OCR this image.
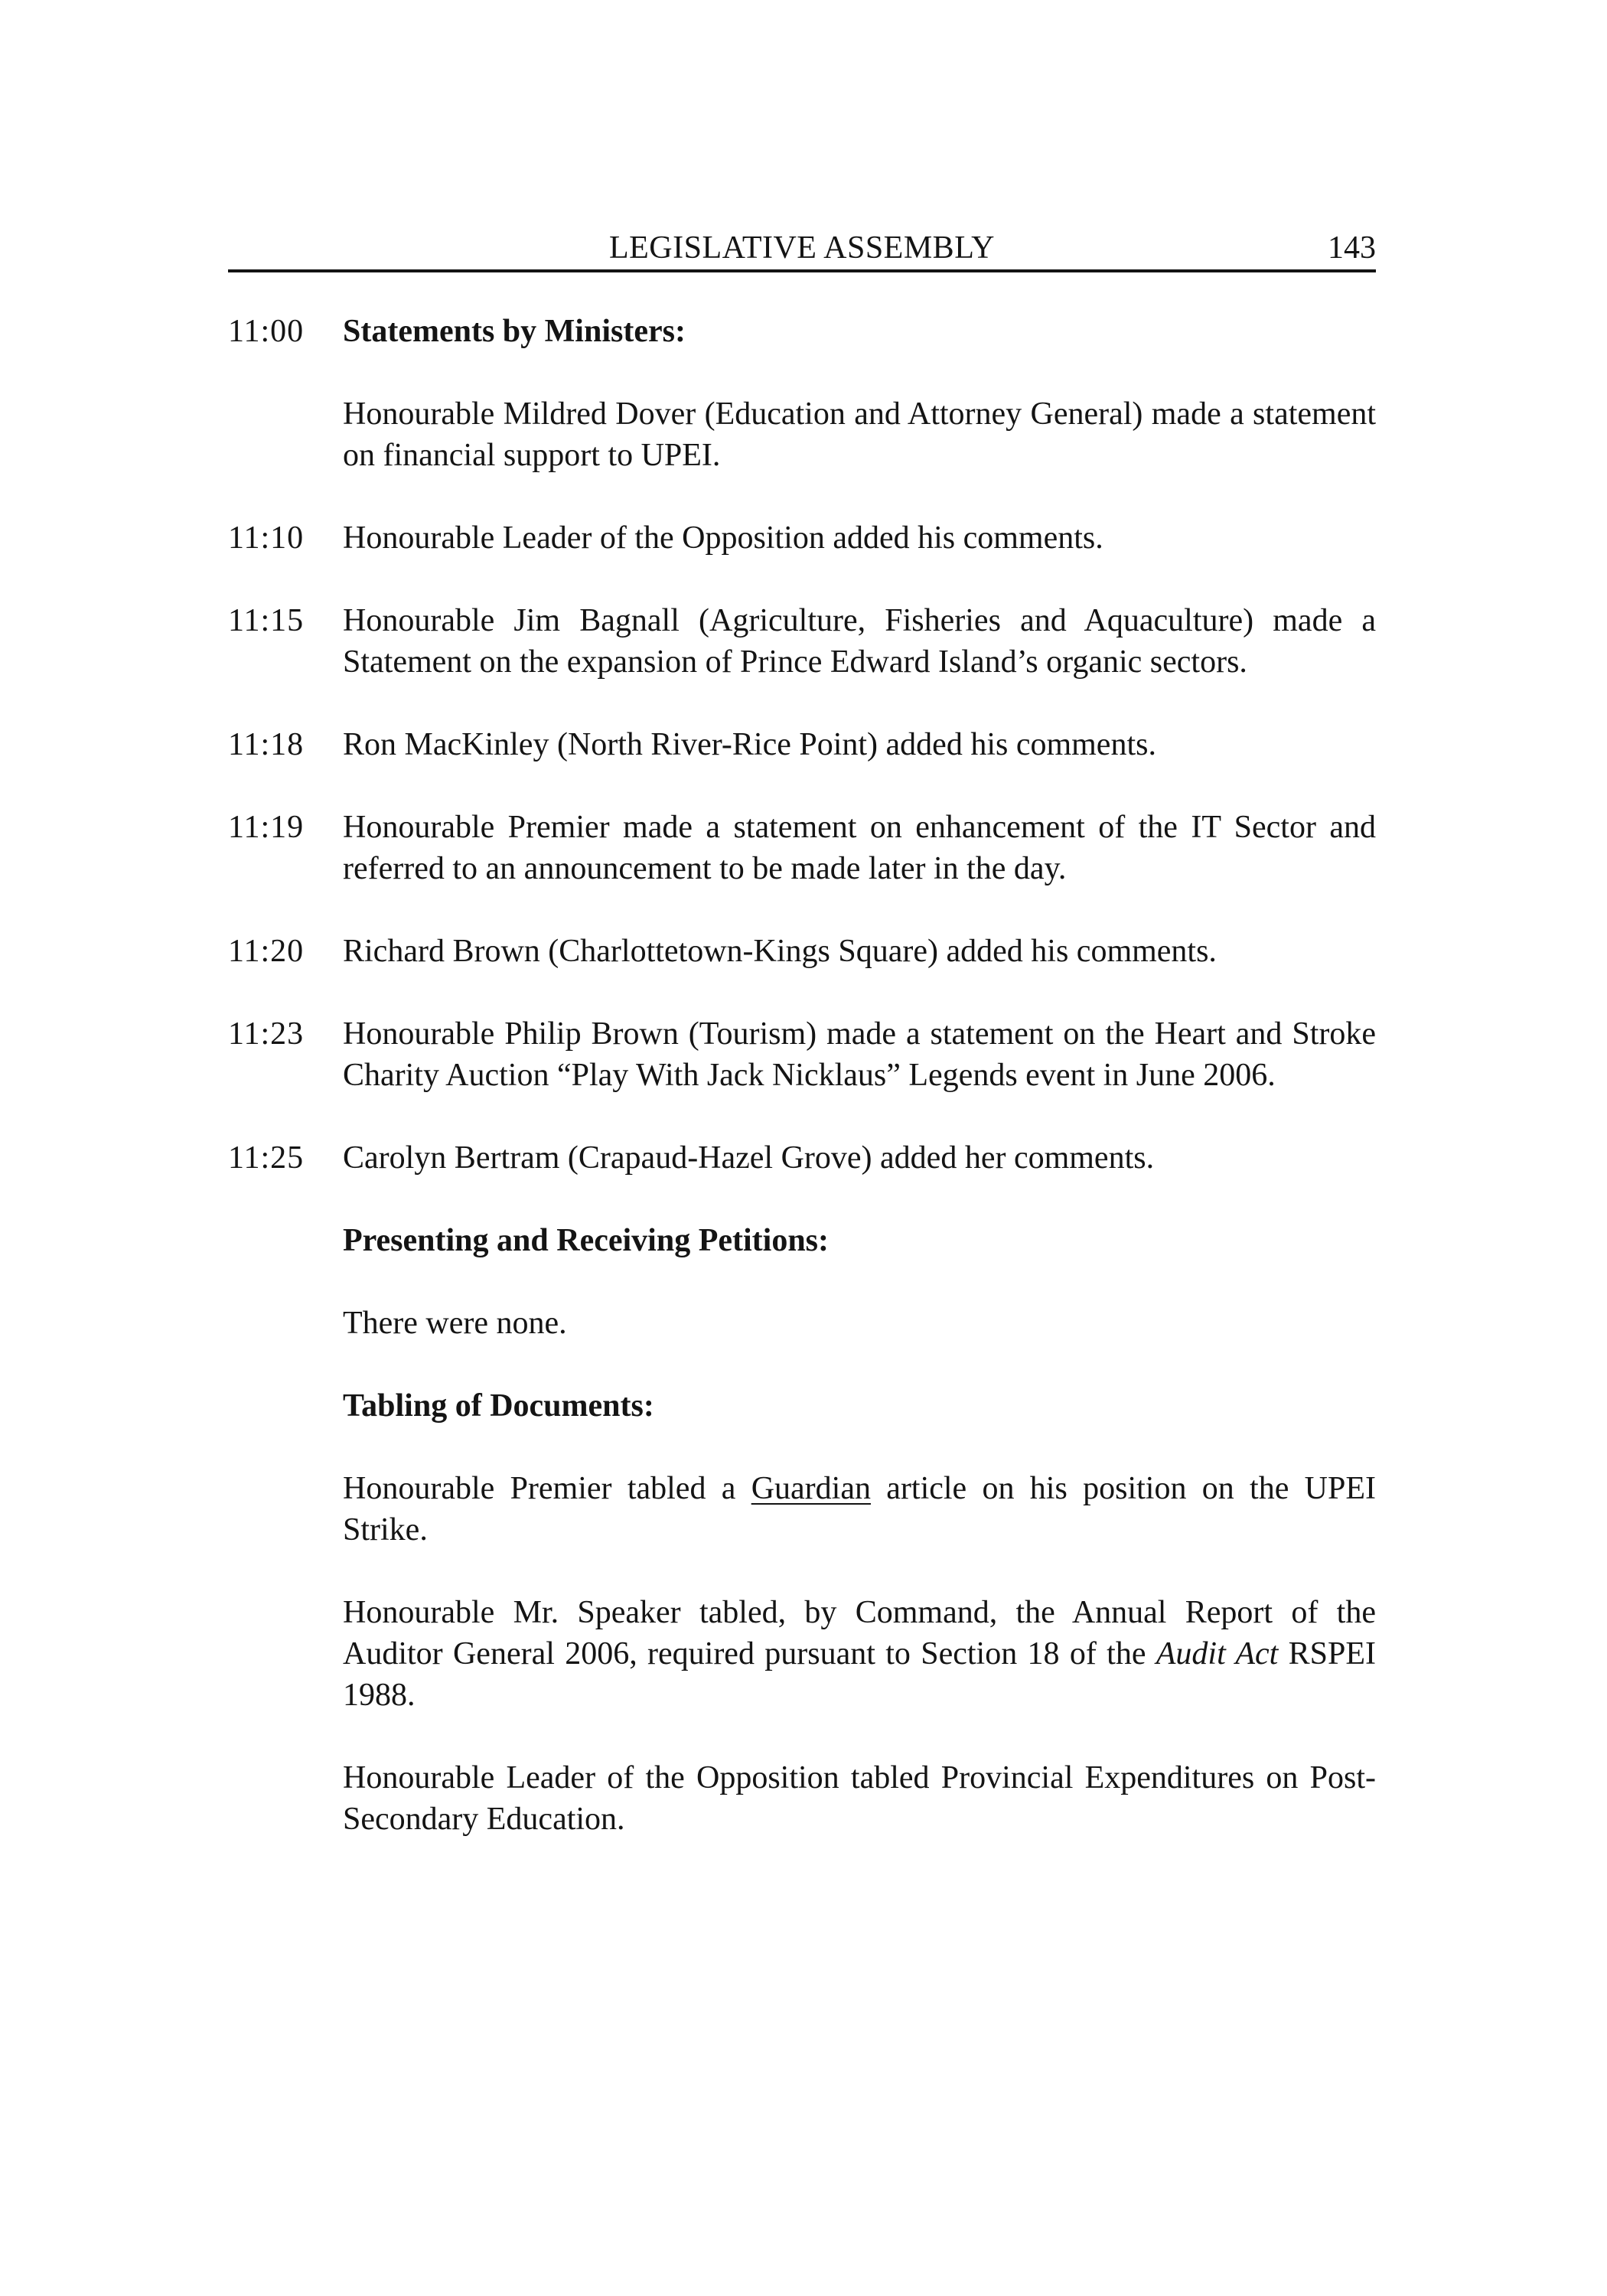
LEGISLATIVE ASSEMBLY	143
11:00	Statements by Ministers:
Honourable Mildred Dover (Education and Attorney General) made a statement on financial support to UPEI.
11:10	Honourable Leader of the Opposition added his comments.
11:15	Honourable Jim Bagnall (Agriculture, Fisheries and Aquaculture) made a Statement on the expansion of Prince Edward Island’s organic sectors.
11:18	Ron MacKinley (North River-Rice Point) added his comments.
11:19	Honourable Premier made a statement on enhancement of the IT Sector and referred to an announcement to be made later in the day.
11:20	Richard Brown (Charlottetown-Kings Square) added his comments.
11:23	Honourable Philip Brown (Tourism) made a statement on the Heart and Stroke Charity Auction “Play With Jack Nicklaus” Legends event in June 2006.
11:25	Carolyn Bertram (Crapaud-Hazel Grove) added her comments.
Presenting and Receiving Petitions:
There were none.
Tabling of Documents:
Honourable Premier tabled a Guardian article on his position on the UPEI Strike.
Honourable Mr. Speaker tabled, by Command, the Annual Report of the Auditor General 2006, required pursuant to Section 18 of the Audit Act RSPEI 1988.
Honourable Leader of the Opposition tabled Provincial Expenditures on Post-Secondary Education.
